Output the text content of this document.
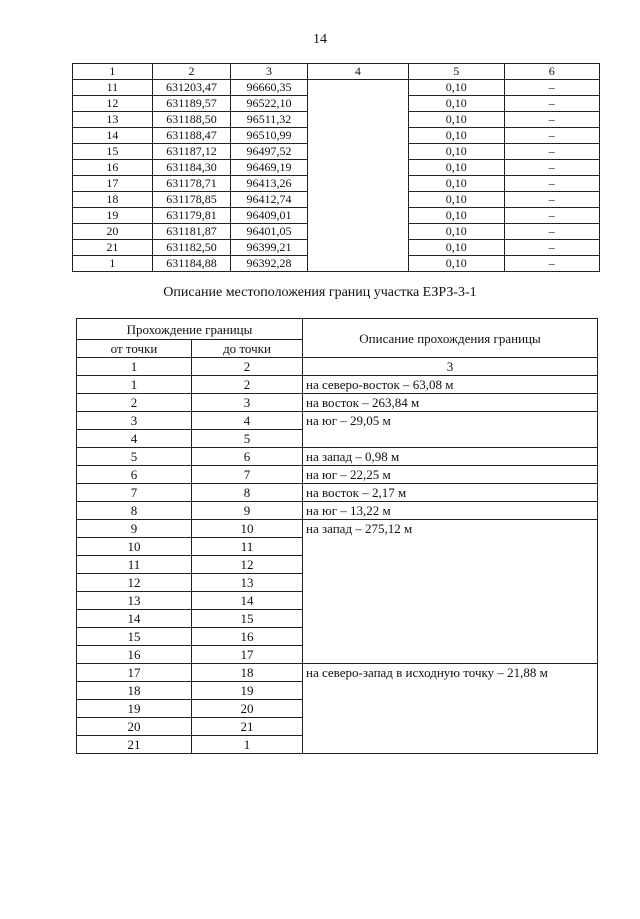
14
1	2	3	4	5	6
11	631203,47	96660,35		0,10	–
12	631189,57	96522,10		0,10	–
13	631188,50	96511,32		0,10	–
14	631188,47	96510,99		0,10	–
15	631187,12	96497,52		0,10	–
16	631184,30	96469,19		0,10	–
17	631178,71	96413,26		0,10	–
18	631178,85	96412,74		0,10	–
19	631179,81	96409,01		0,10	–
20	631181,87	96401,05		0,10	–
21	631182,50	96399,21		0,10	–
1	631184,88	96392,28		0,10	–
Описание местоположения границ участка ЕЗРЗ-3-1
Прохождение границы		Описание прохождения границы
от точки	до точки	
1	2	3
1	2	на северо-восток – 63,08 м
2	3	на восток – 263,84 м
3	4	на юг – 29,05 м
4	5	
5	6	на запад – 0,98 м
6	7	на юг – 22,25 м
7	8	на восток – 2,17 м
8	9	на юг – 13,22 м
9	10	на запад – 275,12 м
10	11	
11	12	
12	13	
13	14	
14	15	
15	16	
16	17	
17	18	на северо-запад в исходную точку – 21,88 м
18	19	
19	20	
20	21	
21	1	
